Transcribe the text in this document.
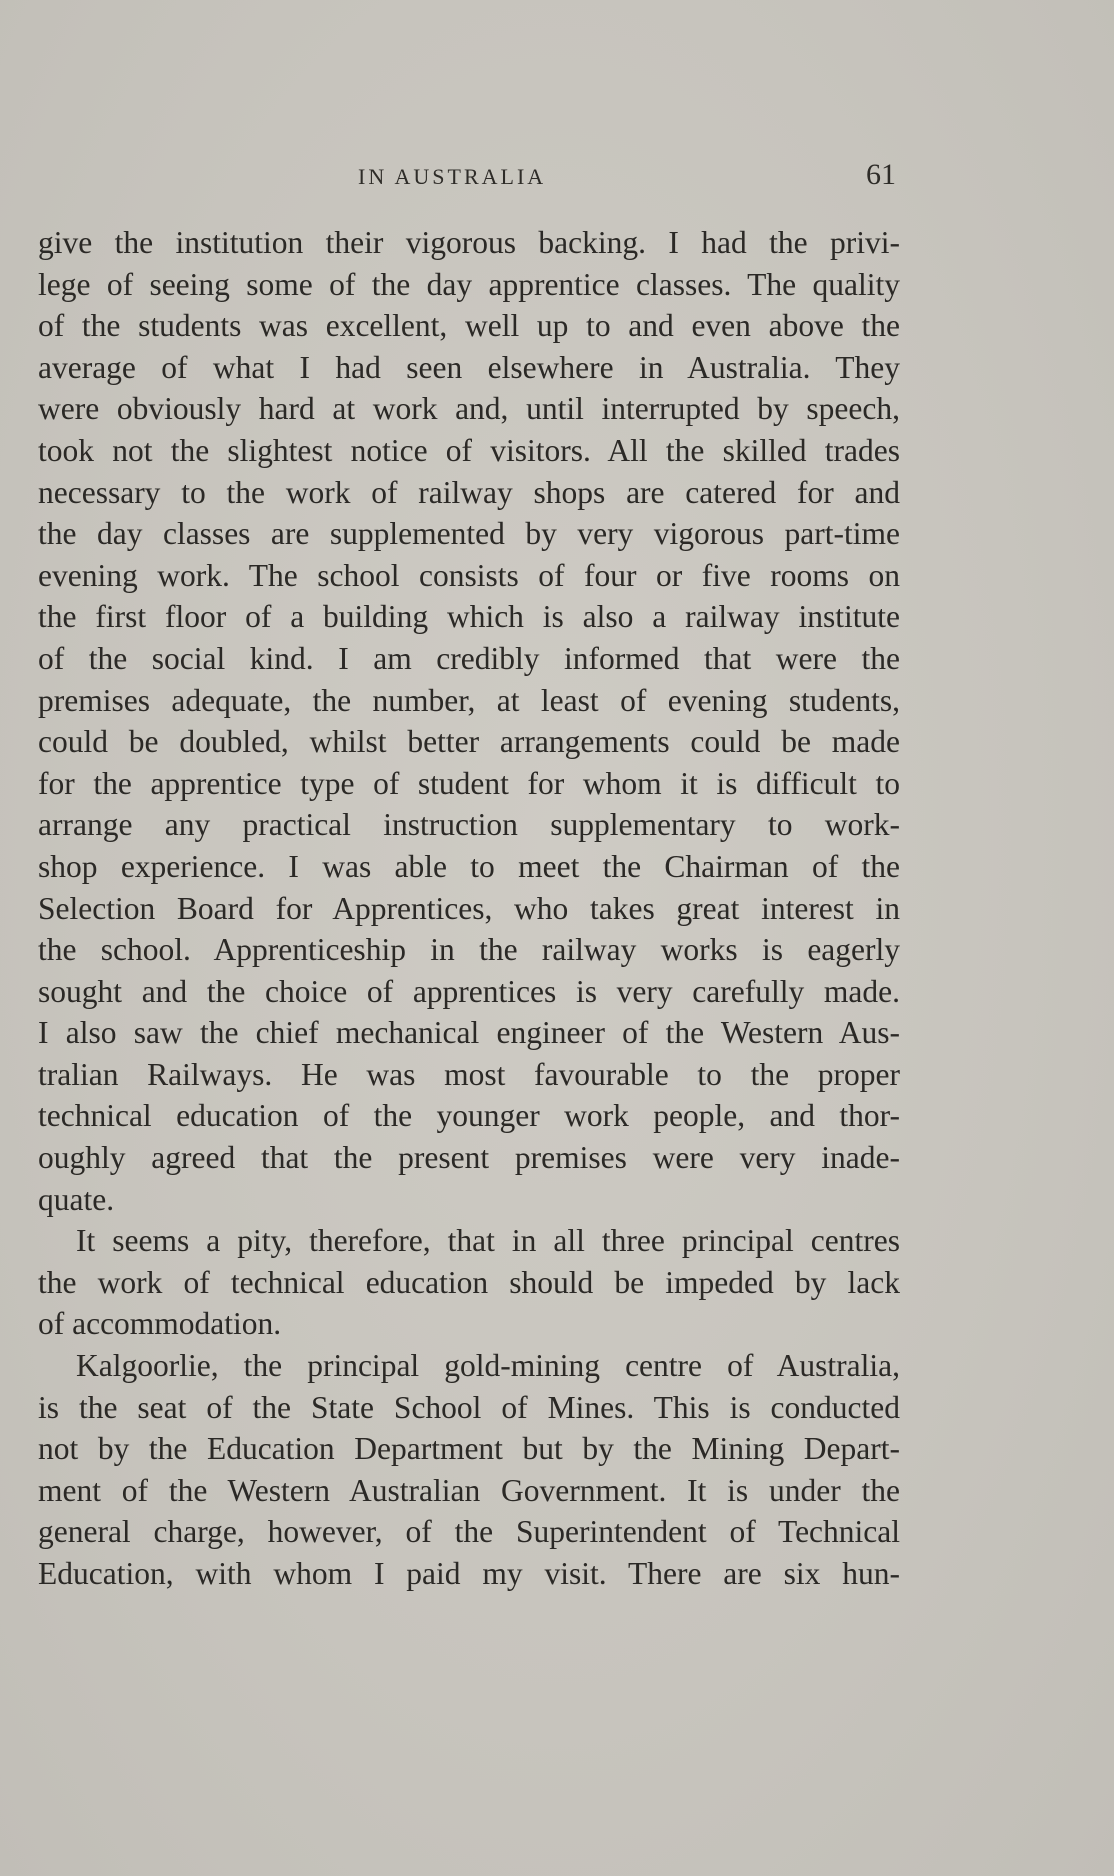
IN AUSTRALIA	61
give the institution their vigorous backing. I had the privi-
lege of seeing some of the day apprentice classes. The quality
of the students was excellent, well up to and even above the
average of what I had seen elsewhere in Australia. They
were obviously hard at work and, until interrupted by speech,
took not the slightest notice of visitors. All the skilled trades
necessary to the work of railway shops are catered for and
the day classes are supplemented by very vigorous part-time
evening work. The school consists of four or five rooms on
the first floor of a building which is also a railway institute
of the social kind. I am credibly informed that were the
premises adequate, the number, at least of evening students,
could be doubled, whilst better arrangements could be made
for the apprentice type of student for whom it is difficult to
arrange any practical instruction supplementary to work-
shop experience. I was able to meet the Chairman of the
Selection Board for Apprentices, who takes great interest in
the school. Apprenticeship in the railway works is eagerly
sought and the choice of apprentices is very carefully made.
I also saw the chief mechanical engineer of the Western Aus-
tralian Railways. He was most favourable to the proper
technical education of the younger work people, and thor-
oughly agreed that the present premises were very inade-
quate.
It seems a pity, therefore, that in all three principal centres
the work of technical education should be impeded by lack
of accommodation.
Kalgoorlie, the principal gold-mining centre of Australia,
is the seat of the State School of Mines. This is conducted
not by the Education Department but by the Mining Depart-
ment of the Western Australian Government. It is under the
general charge, however, of the Superintendent of Technical
Education, with whom I paid my visit. There are six hun-
